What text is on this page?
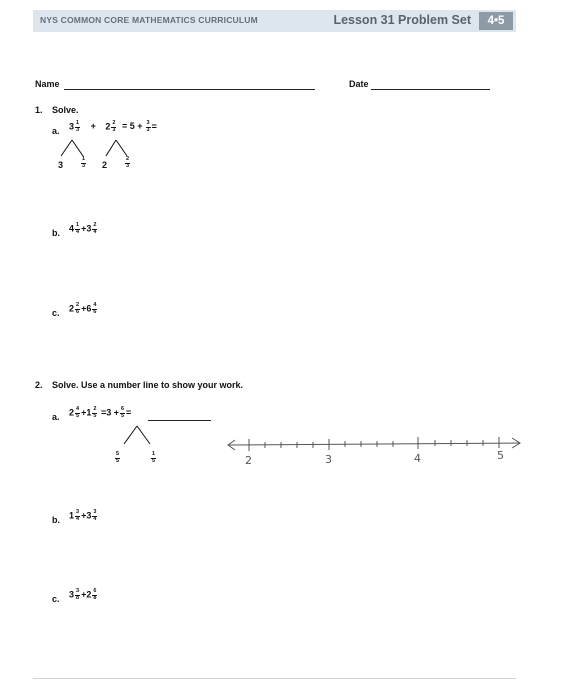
NYS COMMON CORE MATHEMATICS CURRICULUM	Lesson 31 Problem Set	4•5
Name	Date
1. Solve.
a. $3 \frac{1}{3} + 2 \frac{2}{3} = 5 + \frac{3}{3}$ =
3	$\frac{1}{3} 2$	$\frac{2}{3}$
b. $4 \frac{1}{4} +3 \frac{2}{4}$
c. $2 \frac{2}{6} +6 \frac{4}{6}$
2. Solve. Use a number line to show your work.
a. $2 \frac{4}{5} +1 \frac{2}{5} =3 + \frac{6}{5}$ =
$\frac{5}{5}$	$\frac{1}{5}$	2	3	4	5
b. $1 \frac{3}{4} +3 \frac{3}{4}$
c. $3 \frac{3}{8} +2 \frac{6}{8}$
